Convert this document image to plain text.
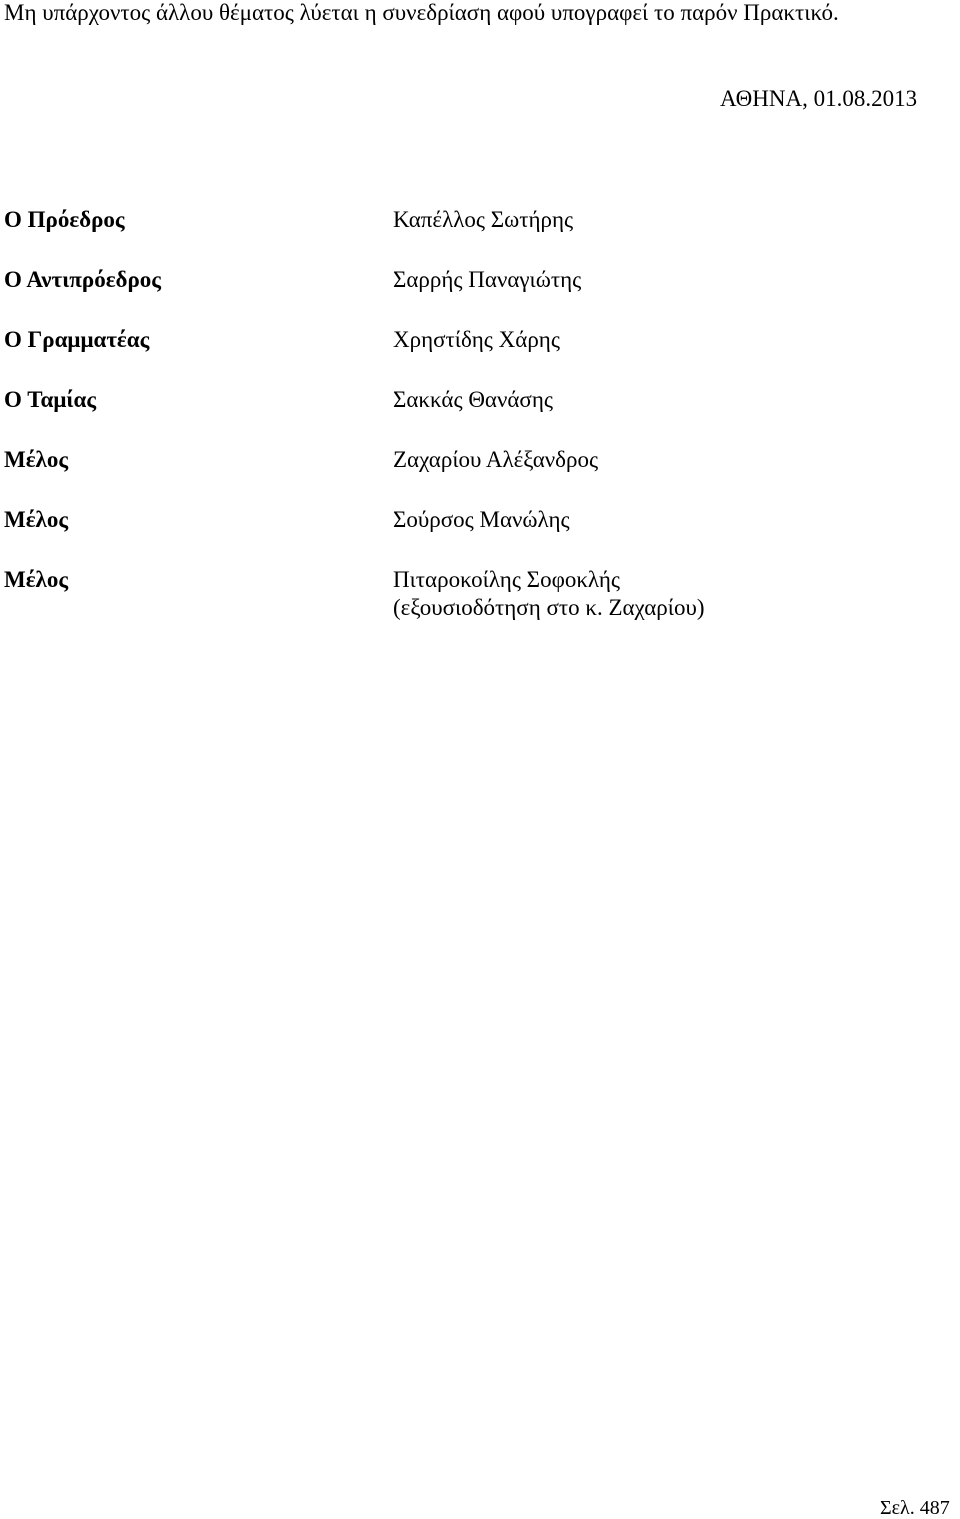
Μη υπάρχοντος άλλου θέματος λύεται η συνεδρίαση αφού υπογραφεί το παρόν Πρακτικό.
ΑΘΗΝΑ, 01.08.2013
Ο Πρόεδρος	Καπέλλος Σωτήρης
Ο Αντιπρόεδρος	Σαρρής Παναγιώτης
Ο Γραμματέας	Χρηστίδης Χάρης
Ο Ταμίας	Σακκάς Θανάσης
Μέλος	Ζαχαρίου Αλέξανδρος
Μέλος	Σούρσος Μανώλης
Μέλος	Πιταροκοίλης Σοφοκλής
(εξουσιοδότηση στο κ. Ζαχαρίου)
Σελ. 487
